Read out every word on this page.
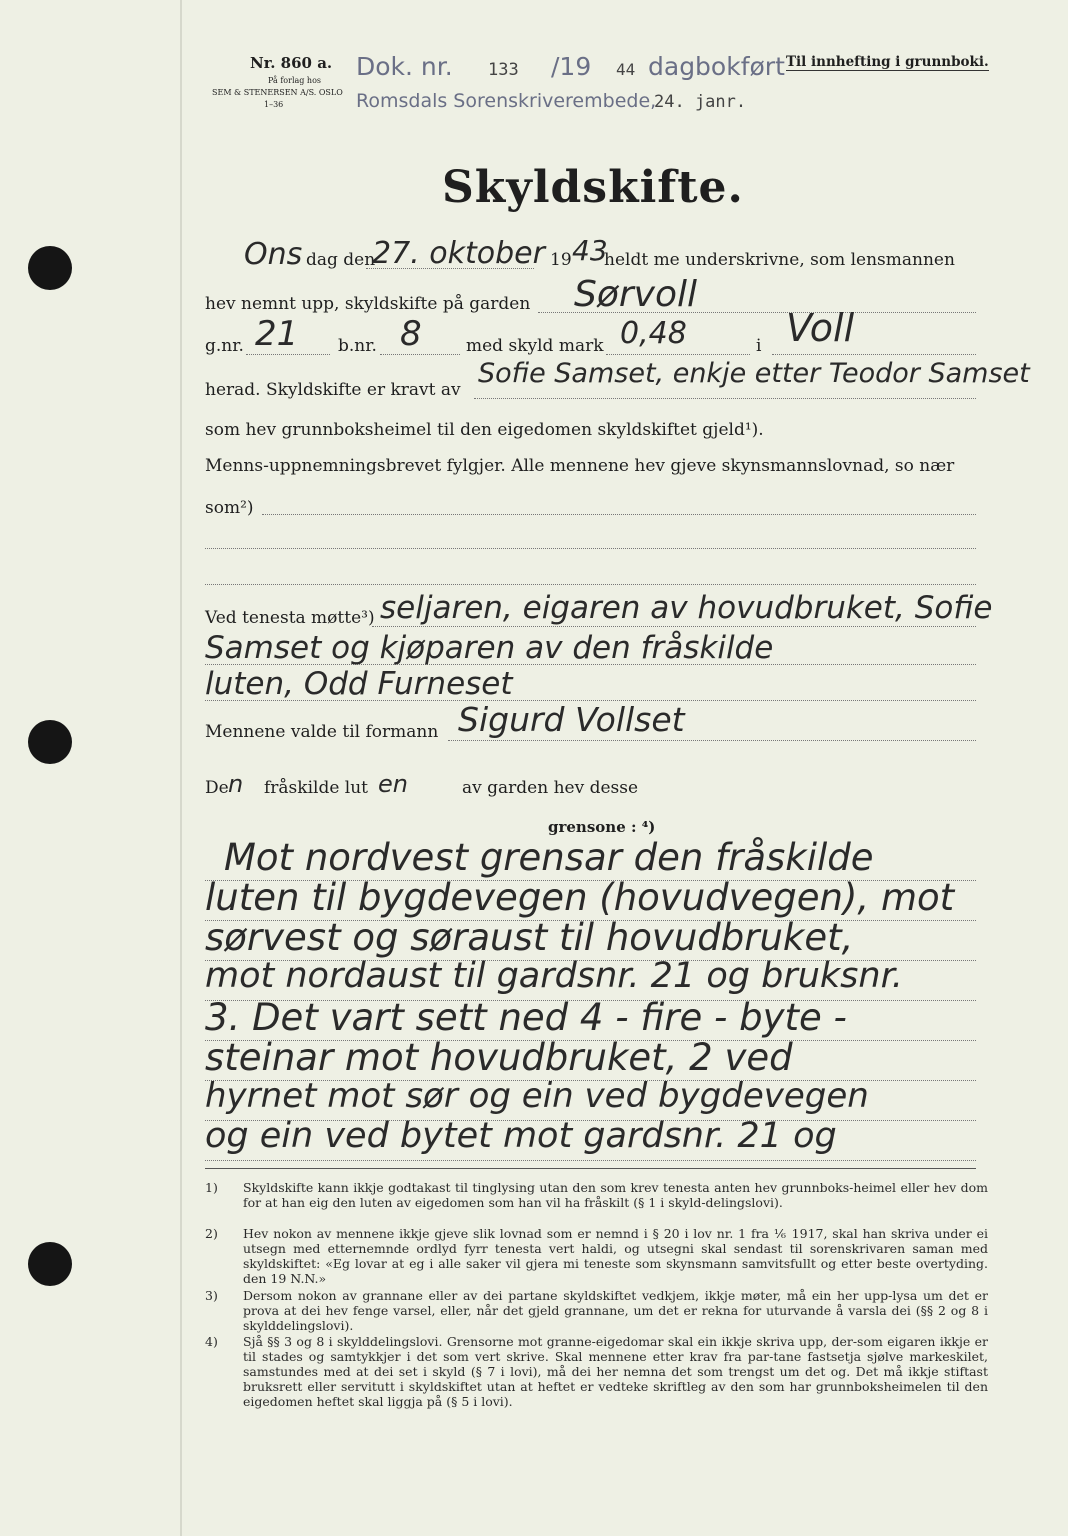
Nr. 860 a.
På forlag hos
SEM & STENERSEN A/S. OSLO
1–36
Til innhefting i grunnboki.
Dok. nr. 133 /19 44 dagbokført
Romsdals Sorenskriverembede,
24. janr.
Skyldskifte.
Ons dag den
27. oktober 19 43
heldt me underskrivne, som lensmannen
hev nemnt upp, skyldskifte på garden Sørvoll
g.nr. 21 b.nr. 8	med skyld mark 0,48	i Voll
herad. Skyldskifte er kravt av
Sofie Samset, enkje etter Teodor Samset
som hev grunnboksheimel til den eigedomen skyldskiftet gjeld¹).
Menns-uppnemningsbrevet fylgjer. Alle mennene hev gjeve skynsmannslovnad, so nær
som²)
Ved tenesta møtte³) seljaren, eigaren av hovudbruket, Sofie
Samset og kjøparen av den fråskilde
luten, Odd Furneset
Mennene valde til formann Sigurd Vollset
De n fråskilde lut en	av garden hev desse
grensone : ⁴)
Mot nordvest grensar den fråskilde
luten til bygdevegen (hovudvegen), mot
sørvest og søraust til hovudbruket,
mot nordaust til gardsnr. 21 og bruksnr.
3. Det vart sett ned 4 - fire - byte -
steinar mot hovudbruket, 2 ved
hyrnet mot sør og ein ved bygdevegen
og ein ved bytet mot gardsnr. 21 og
1) Skyldskifte kann ikkje godtakast til tinglysing utan den som krev tenesta anten hev grunnboks-heimel eller hev dom for at han eig den luten av eigedomen som han vil ha fråskilt (§ 1 i skyld-delingslovi).
2) Hev nokon av mennene ikkje gjeve slik lovnad som er nemnd i § 20 i lov nr. 1 fra ⅙ 1917, skal han skriva under ei utsegn med etternemnde ordlyd fyrr tenesta vert haldi, og utsegni skal sendast til sorenskrivaren saman med skyldskiftet: «Eg lovar at eg i alle saker vil gjera mi teneste som skynsmann samvitsfullt og etter beste overtyding. den 19 N.N.»
3) Dersom nokon av grannane eller av dei partane skyldskiftet vedkjem, ikkje møter, må ein her upp-lysa um det er prova at dei hev fenge varsel, eller, når det gjeld grannane, um det er rekna for uturvande å varsla dei (§§ 2 og 8 i skylddelingslovi).
4) Sjå §§ 3 og 8 i skylddelingslovi. Grensorne mot granne-eigedomar skal ein ikkje skriva upp, der-som eigaren ikkje er til stades og samtykkjer i det som vert skrive. Skal mennene etter krav fra par-tane fastsetja sjølve markeskilet, samstundes med at dei set i skyld (§ 7 i lovi), må dei her nemna det som trengst um det og. Det må ikkje stiftast bruksrett eller servitutt i skyldskiftet utan at heftet er vedteke skriftleg av den som har grunnboksheimelen til den eigedomen heftet skal liggja på (§ 5 i lovi).
